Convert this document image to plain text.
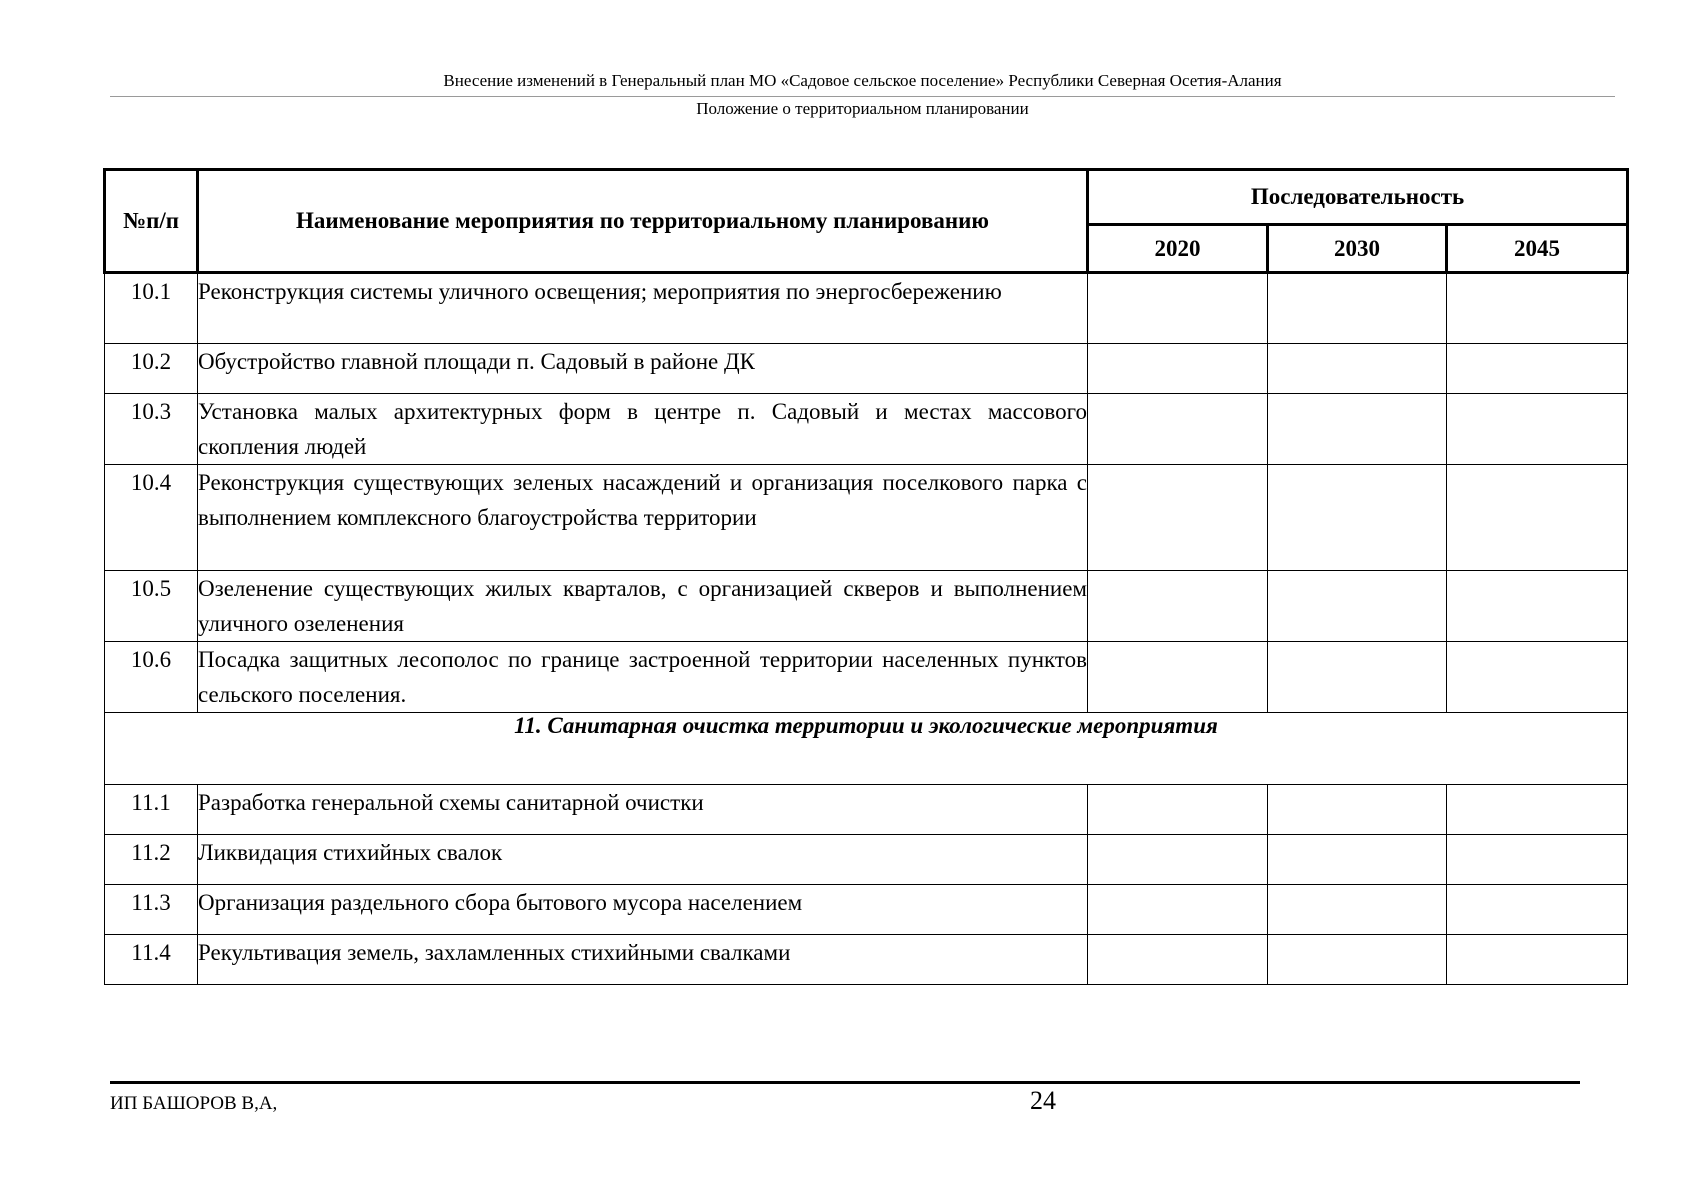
Внесение изменений в Генеральный план МО «Садовое сельское поселение» Республики Северная Осетия-Алания
Положение о территориальном планировании
№п/п	Наименование мероприятия по территориальному планированию	Последовательность		
		2020	2030	2045
10.1	Реконструкция системы уличного освещения; мероприятия по энергосбережению			
10.2	Обустройство главной площади п. Садовый в районе ДК			
10.3	Установка малых архитектурных форм в центре п. Садовый и местах массового скопления людей			
10.4	Реконструкция существующих зеленых насаждений и организация поселкового парка с выполнением комплексного благоустройства территории			
10.5	Озеленение существующих жилых кварталов, с организацией скверов и выполнением уличного озеленения			
10.6	Посадка защитных лесополос по границе застроенной территории населенных пунктов сельского поселения.			
11. Санитарная очистка территории и экологические мероприятия				
11.1	Разработка генеральной схемы санитарной очистки			
11.2	Ликвидация стихийных свалок			
11.3	Организация раздельного сбора бытового мусора населением			
11.4	Рекультивация земель, захламленных стихийными свалками			
ИП БАШОРОВ В,А,	24
